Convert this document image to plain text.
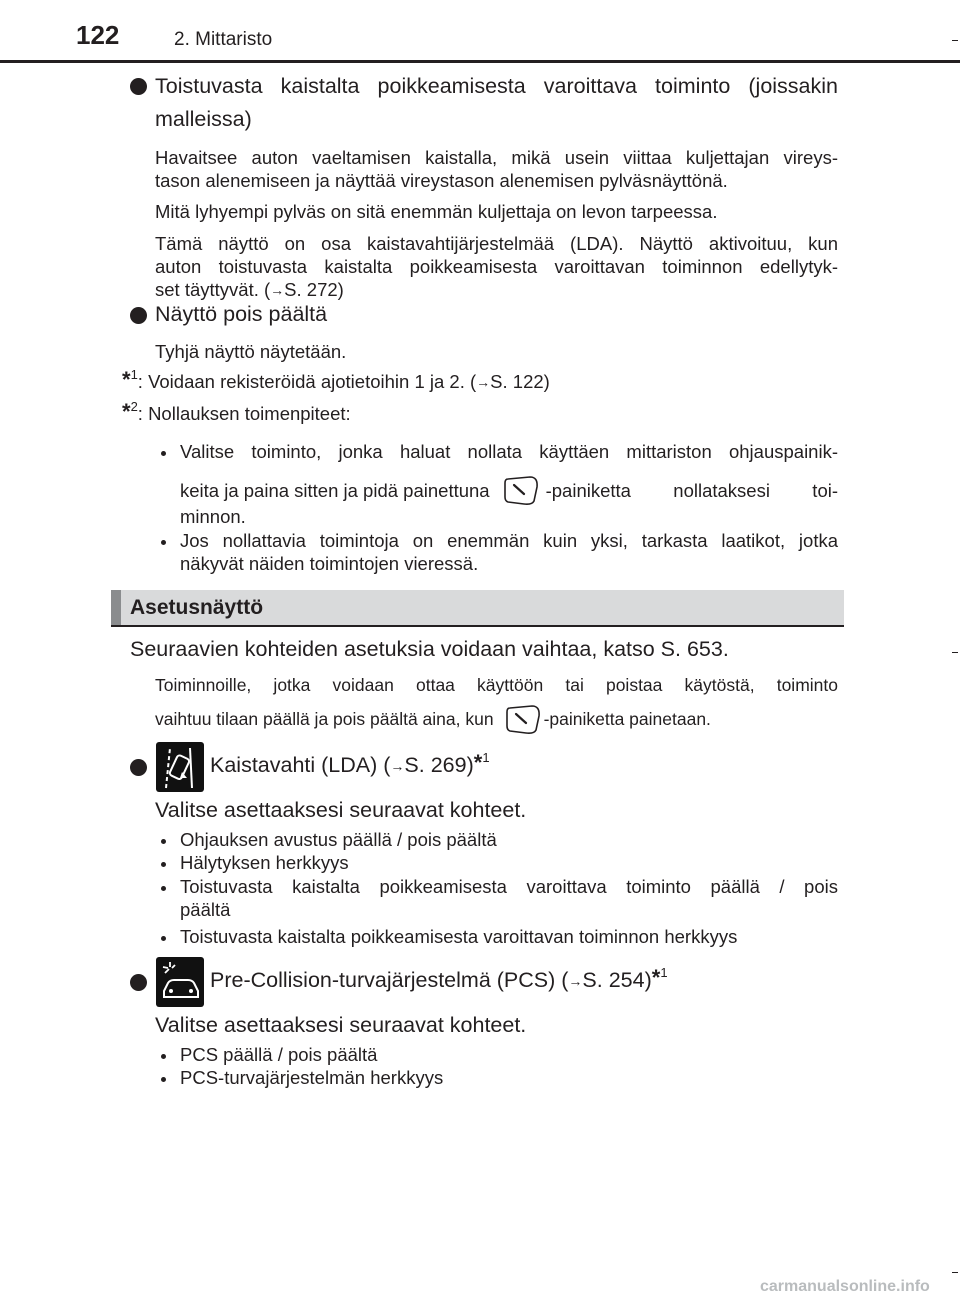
122	2. Mittaristo
Toistuvasta kaistalta poikkeamisesta varoittava toiminto (joissakin
malleissa)
Havaitsee auton vaeltamisen kaistalla, mikä usein viittaa kuljettajan vireys-
tason alenemiseen ja näyttää vireystason alenemisen pylväsnäyttönä.
Mitä lyhyempi pylväs on sitä enemmän kuljettaja on levon tarpeessa.
Tämä näyttö on osa kaistavahtijärjestelmää (LDA). Näyttö aktivoituu, kun
auton toistuvasta kaistalta poikkeamisesta varoittavan toiminnon edellytyk-
set täyttyvät. (→S. 272)
Näyttö pois päältä
Tyhjä näyttö näytetään.
*$^1$: Voidaan rekisteröidä ajotietoihin 1 ja 2. (→S. 122)
*$^2$: Nollauksen toimenpiteet:
Valitse toiminto, jonka haluat nollata käyttäen mittariston ohjauspainik-
keita ja paina sitten ja pidä painettuna	-painiketta nollataksesi toi-
minnon.
Jos nollattavia toimintoja on enemmän kuin yksi, tarkasta laatikot, jotka
näkyvät näiden toimintojen vieressä.
Asetusnäyttö
Seuraavien kohteiden asetuksia voidaan vaihtaa, katso S. 653.
Toiminnoille, jotka voidaan ottaa käyttöön tai poistaa käytöstä, toiminto
vaihtuu tilaan päällä ja pois päältä aina, kun	-painiketta painetaan.
Kaistavahti (LDA) (→S. 269)*$^1$
Valitse asettaaksesi seuraavat kohteet.
Ohjauksen avustus päällä / pois päältä
Hälytyksen herkkyys
Toistuvasta kaistalta poikkeamisesta varoittava toiminto päällä / pois
päältä
Toistuvasta kaistalta poikkeamisesta varoittavan toiminnon herkkyys
Pre-Collision-turvajärjestelmä (PCS) (→S. 254)*$^1$
Valitse asettaaksesi seuraavat kohteet.
PCS päällä / pois päältä
PCS-turvajärjestelmän herkkyys
carmanualsonline.info
